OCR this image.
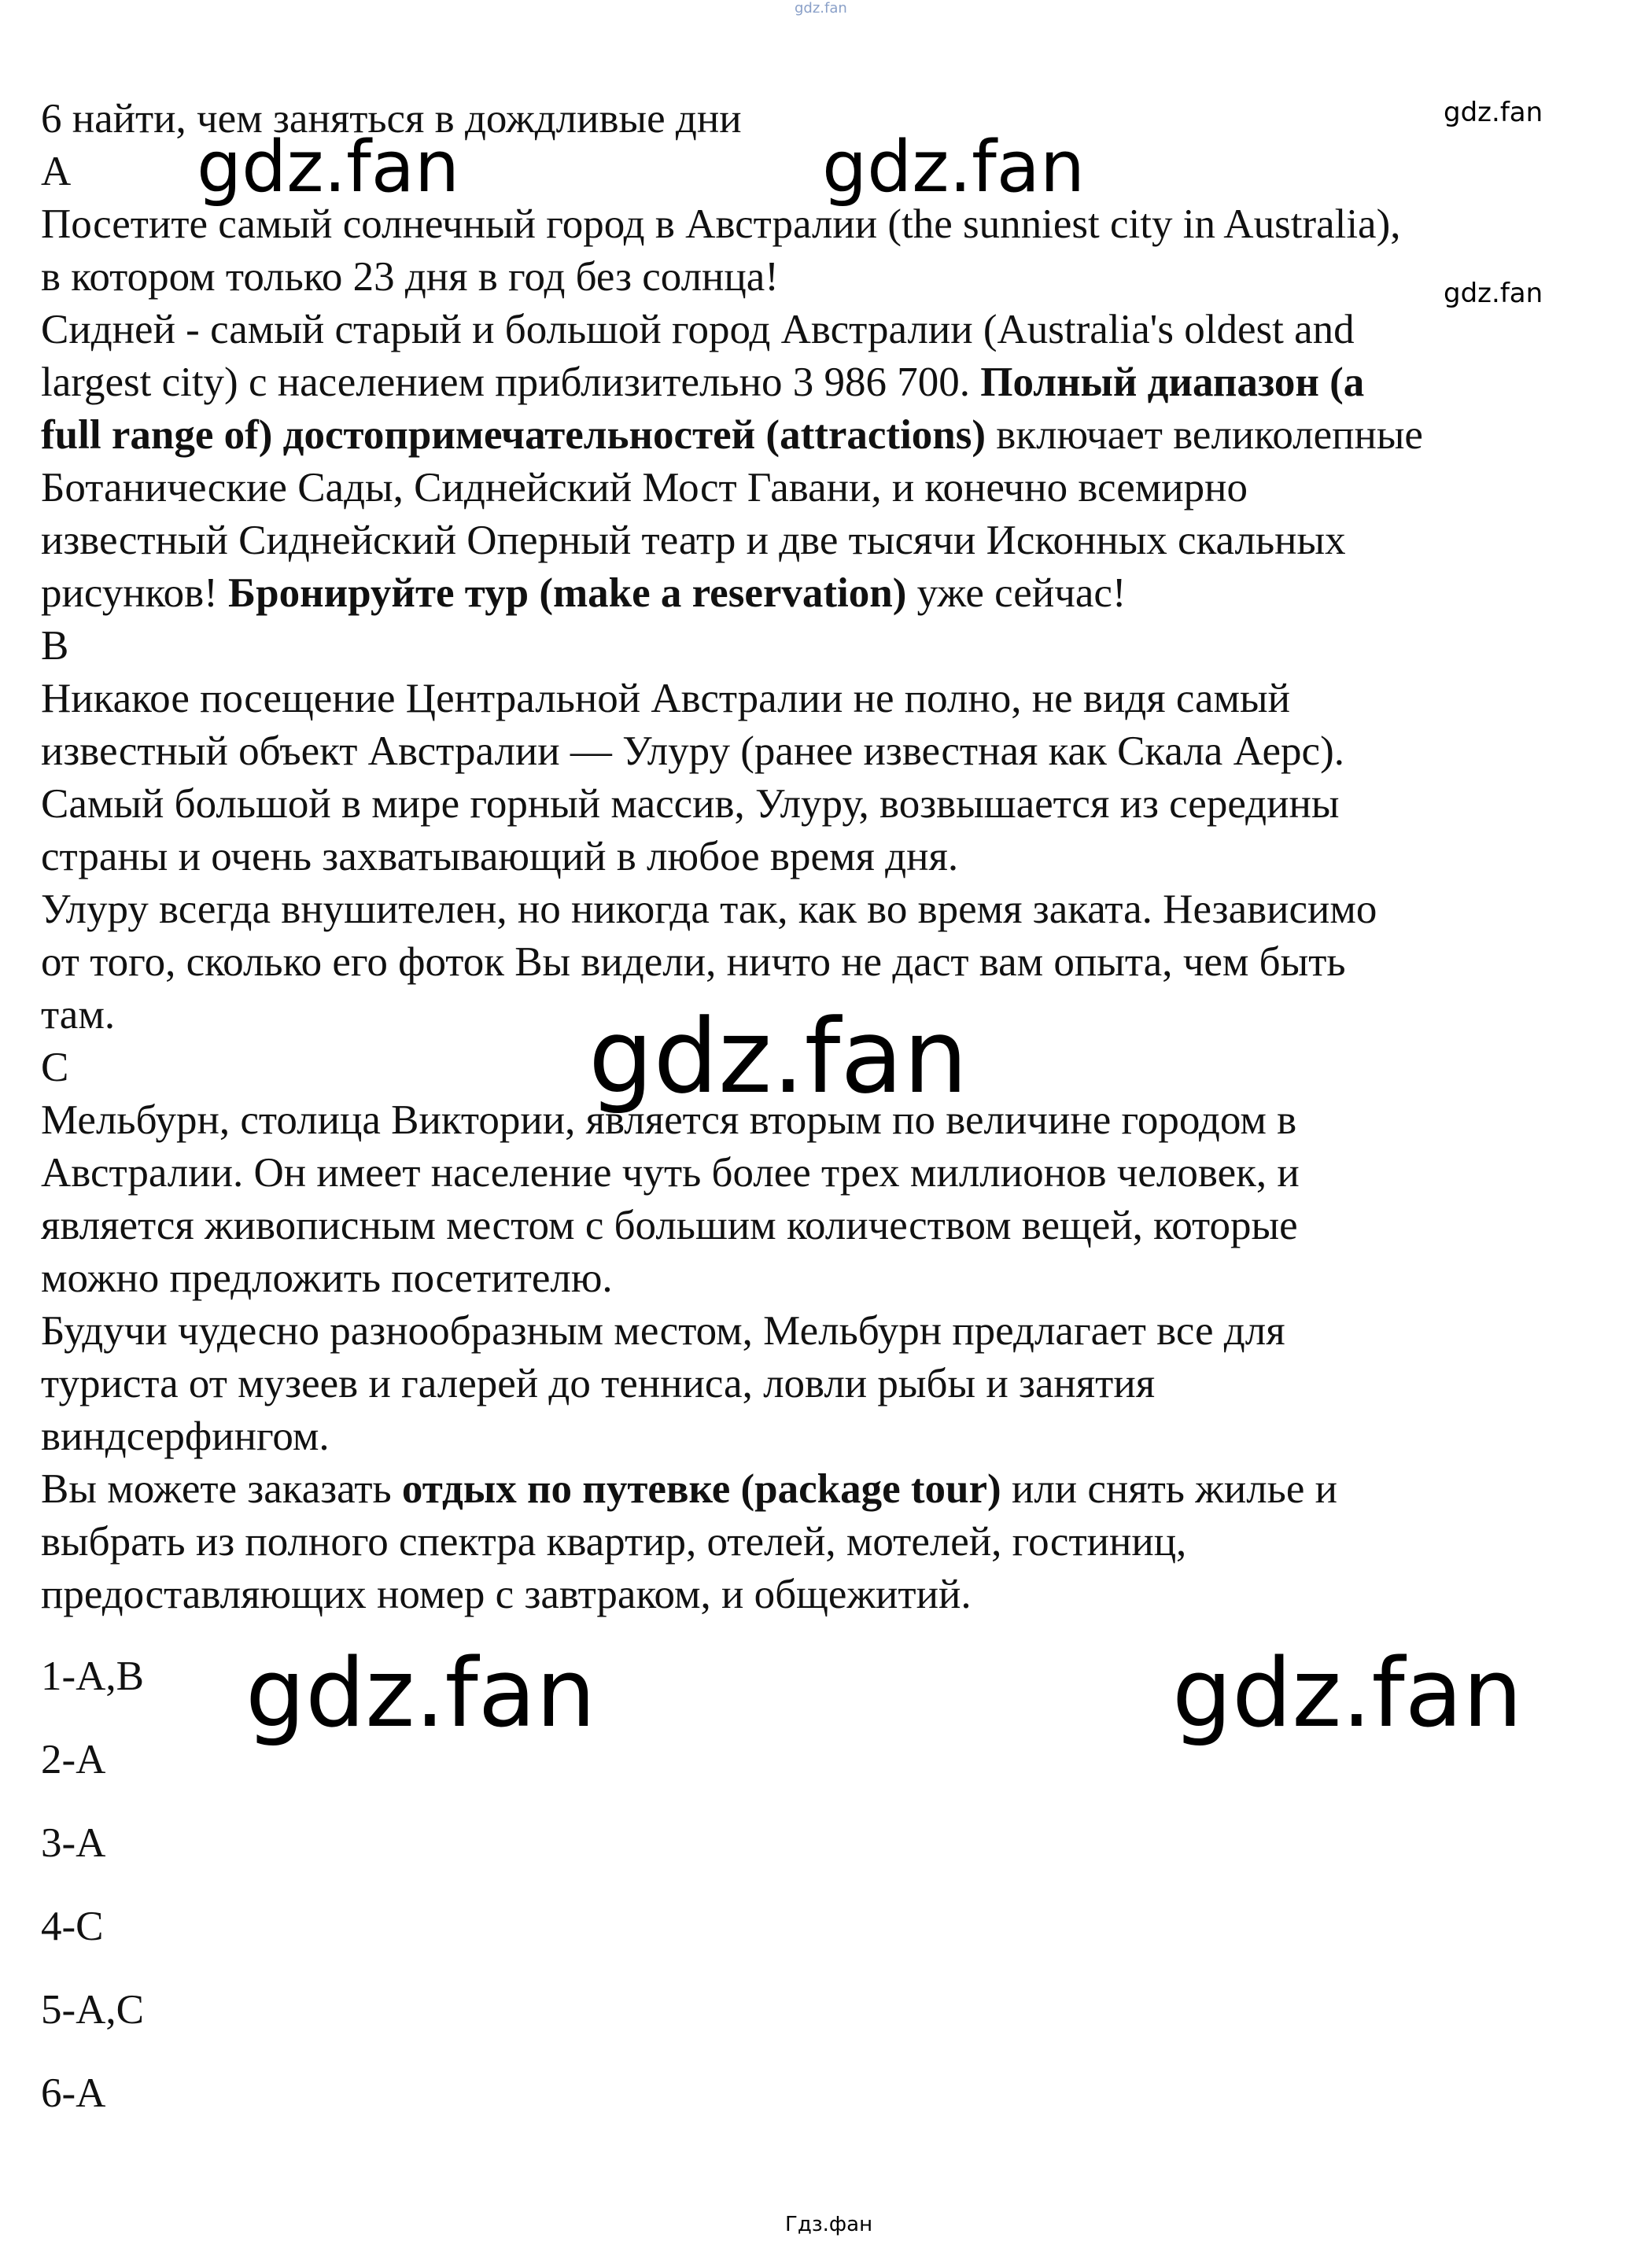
gdz.fan
gdz.fan
gdz.fan
gdz.fan	gdz.fan
gdz.fan
gdz.fan	gdz.fan
Гдз.фан

6 найти, чем заняться в дождливые дни

A

Посетите самый солнечный город в Австралии (the sunniest city in Australia),

в котором только 23 дня в год без солнца!

Сидней - самый старый и большой город Австралии (Australia's oldest and

largest city) с населением приблизительно 3 986 700. Полный диапазон (a

full range of) достопримечательностей (attractions) включает великолепные

Ботанические Сады, Сиднейский Мост Гавани, и конечно всемирно

известный Сиднейский Оперный театр и две тысячи Исконных скальных

рисунков! Бронируйте тур (make a reservation) уже сейчас!

B

Никакое посещение Центральной Австралии не полно, не видя самый

известный объект Австралии — Улуру (ранее известная как Скала Аерс).

Самый большой в мире горный массив, Улуру, возвышается из середины

страны и очень захватывающий в любое время дня.

Улуру всегда внушителен, но никогда так, как во время заката. Независимо

от того, сколько его фоток Вы видели, ничто не даст вам опыта, чем быть

там.

C

Мельбурн, столица Виктории, является вторым по величине городом в

Австралии. Он имеет население чуть более трех миллионов человек, и

является живописным местом с большим количеством вещей, которые

можно предложить посетителю.

Будучи чудесно разнообразным местом, Мельбурн предлагает все для

туриста от музеев и галерей до тенниса, ловли рыбы и занятия

виндсерфингом.

Вы можете заказать отдых по путевке (package tour) или снять жилье и

выбрать из полного спектра квартир, отелей, мотелей, гостиниц,

предоставляющих номер с завтраком, и общежитий.

1-A,B
2-A
3-A
4-C
5-A,C
6-A
